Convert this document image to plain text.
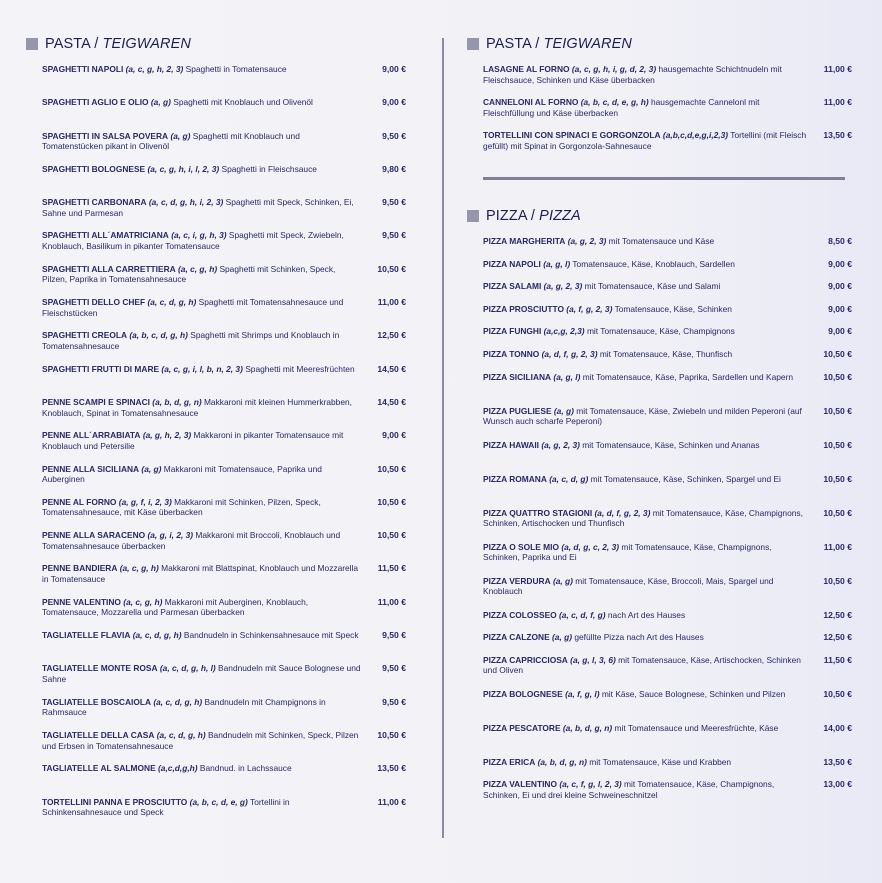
PASTA / TEIGWAREN
SPAGHETTI NAPOLI (a, c, g, h, 2, 3) Spaghetti in Tomatensauce	9,00 €
SPAGHETTI AGLIO E OLIO (a, g) Spaghetti mit Knoblauch und Olivenöl	9,00 €
SPAGHETTI IN SALSA POVERA (a, g) Spaghetti mit Knoblauch und Tomatenstücken pikant in Olivenöl
9,50 €
SPAGHETTI BOLOGNESE (a, c, g, h, i, l, 2, 3) Spaghetti in Fleischsauce	9,80 €
SPAGHETTI CARBONARA (a, c, d, g, h, i, 2, 3) Spaghetti mit Speck, Schinken, Ei, Sahne und Parmesan
9,50 €
SPAGHETTI ALL´AMATRICIANA (a, c, i, g, h, 3) Spaghetti mit Speck, Zwiebeln, Knoblauch, Basilikum in pikanter Tomatensauce
9,50 €
SPAGHETTI ALLA CARRETTIERA (a, c, g, h) Spaghetti mit Schinken, Speck, Pilzen, Paprika in Tomatensahnesauce
10,50 €
SPAGHETTI DELLO CHEF (a, c, d, g, h) Spaghetti mit Tomatensahnesauce und Fleischstücken
11,00 €
SPAGHETTI CREOLA (a, b, c, d, g, h) Spaghetti mit Shrimps und Knoblauch in Tomatensahnesauce
12,50 €
SPAGHETTI FRUTTI DI MARE (a, c, g, i, l, b, n, 2, 3) Spaghetti mit Meeresfrüchten	14,50 €
PENNE SCAMPI E SPINACI (a, b, d, g, n) Makkaroni mit kleinen Hummerkrabben, Knoblauch, Spinat in Tomatensahnesauce
14,50 €
PENNE ALL´ARRABIATA (a, g, h, 2, 3) Makkaroni in pikanter Tomatensauce mit Knoblauch und Petersilie
9,00 €
PENNE ALLA SICILIANA (a, g) Makkaroni mit Tomatensauce, Paprika und Auberginen
10,50 €
PENNE AL FORNO (a, g, f, i, 2, 3) Makkaroni mit Schinken, Pilzen, Speck, Tomatensahnesauce, mit Käse überbacken
10,50 €
PENNE ALLA SARACENO (a, g, i, 2, 3) Makkaroni mit Broccoli, Knoblauch und Tomatensahnesauce überbacken
10,50 €
PENNE BANDIERA (a, c, g, h) Makkaroni mit Blattspinat, Knoblauch und Mozzarella in Tomatensauce
11,50 €
PENNE VALENTINO (a, c, g, h) Makkaroni mit Auberginen, Knoblauch, Tomatensauce, Mozzarella und Parmesan überbacken
11,00 €
TAGLIATELLE FLAVIA (a, c, d, g, h) Bandnudeln in Schinkensahnesauce mit Speck	9,50 €
TAGLIATELLE MONTE ROSA (a, c, d, g, h, l) Bandnudeln mit Sauce Bolognese und Sahne
9,50 €
TAGLIATELLE BOSCAIOLA (a, c, d, g, h) Bandnudeln mit Champignons in Rahmsauce
9,50 €
TAGLIATELLE DELLA CASA (a, c, d, g, h) Bandnudeln mit Schinken, Speck, Pilzen und Erbsen in Tomatensahnesauce
10,50 €
TAGLIATELLE AL SALMONE (a,c,d,g,h) Bandnud. in Lachssauce	13,50 €
TORTELLINI PANNA E PROSCIUTTO (a, b, c, d, e, g) Tortellini in Schinkensahnesauce und Speck
11,00 €
PASTA / TEIGWAREN
LASAGNE AL FORNO (a, c, g, h, i, g, d, 2, 3) hausgemachte Schichtnudeln mit Fleischsauce, Schinken und Käse überbacken
11,00 €
CANNELONI AL FORNO (a, b, c, d, e, g, h) hausgemachte Cannelonl mit Fleischfüllung und Käse überbacken
11,00 €
TORTELLINI CON SPINACI E GORGONZOLA (a,b,c,d,e,g,i,2,3) Tortellini (mit Fleisch gefüllt) mit Spinat in Gorgonzola-Sahnesauce
13,50 €
PIZZA / PIZZA
PIZZA MARGHERITA (a, g, 2, 3) mit Tomatensauce und Käse	8,50 €
PIZZA NAPOLI (a, g, l) Tomatensauce, Käse, Knoblauch, Sardellen	9,00 €
PIZZA SALAMI (a, g, 2, 3) mit Tomatensauce, Käse und Salami	9,00 €
PIZZA PROSCIUTTO (a, f, g, 2, 3) Tomatensauce, Käse, Schinken	9,00 €
PIZZA FUNGHI (a,c,g, 2,3) mit Tomatensauce, Käse, Champignons	9,00 €
PIZZA TONNO (a, d, f, g, 2, 3) mit Tomatensauce, Käse, Thunfisch	10,50 €
PIZZA SICILIANA (a, g, l) mit Tomatensauce, Käse, Paprika, Sardellen und Kapern	10,50 €
PIZZA PUGLIESE (a, g) mit Tomatensauce, Käse, Zwiebeln und milden Peperoni (auf Wunsch auch scharfe Peperoni)
10,50 €
PIZZA HAWAII (a, g, 2, 3) mit Tomatensauce, Käse, Schinken und Ananas	10,50 €
PIZZA ROMANA (a, c, d, g) mit Tomatensauce, Käse, Schinken, Spargel und Ei	10,50 €
PIZZA QUATTRO STAGIONI (a, d, f, g, 2, 3) mit Tomatensauce, Käse, Champignons, Schinken, Artischocken und Thunfisch
10,50 €
PIZZA O SOLE MIO (a, d, g, c, 2, 3) mit Tomatensauce, Käse, Champignons, Schinken, Paprika und Ei
11,00 €
PIZZA VERDURA (a, g) mit Tomatensauce, Käse, Broccoli, Mais, Spargel und Knoblauch
10,50 €
PIZZA COLOSSEO (a, c, d, f, g) nach Art des Hauses	12,50 €
PIZZA CALZONE (a, g) gefüllte Pizza nach Art des Hauses	12,50 €
PIZZA CAPRICCIOSA (a, g, l, 3, 6) mit Tomatensauce, Käse, Artischocken, Schinken und Oliven
11,50 €
PIZZA BOLOGNESE (a, f, g, l) mit Käse, Sauce Bolognese, Schinken und Pilzen	10,50 €
PIZZA PESCATORE (a, b, d, g, n) mit Tomatensauce und Meeresfrüchte, Käse	14,00 €
PIZZA ERICA (a, b, d, g, n) mit Tomatensauce, Käse und Krabben	13,50 €
PIZZA VALENTINO (a, c, f, g, l, 2, 3) mit Tomatensauce, Käse, Champignons, Schinken, Ei und drei kleine Schweineschnitzel
13,00 €
